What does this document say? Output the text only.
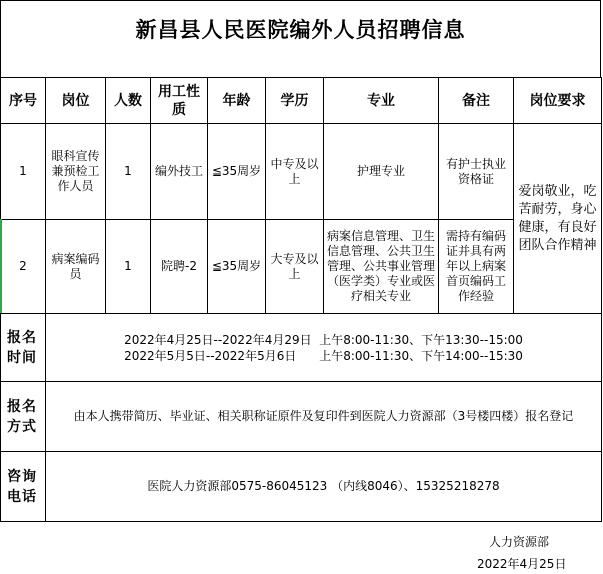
新昌县人民医院编外人员招聘信息
序号	岗位	人数	用工性质	年龄	学历	专业	备注	岗位要求
1	眼科宣传兼预检工作人员	1	编外技工	≦35周岁	中专及以上	护理专业	有护士执业资格证	爱岗敬业，吃苦耐劳，身心健康，有良好团队合作精神
2	病案编码员	1	院聘-2	≦35周岁	大专及以上	病案信息管理、卫生信息管理、公共卫生管理、公共事业管理（医学类）专业或医疗相关专业	需持有编码证并具有两年以上病案首页编码工作经验	
报名时间	2022年4月25日--2022年4月29日  上午8:00-11:30、下午13:30--15:00
2022年5月5日--2022年5月6日      上午8:00-11:30、下午14:00--15:30							

报名方式	由本人携带简历、毕业证、相关职称证原件及复印件到医院人力资源部（3号楼四楼）报名登记							
咨询电话	医院人力资源部0575-86045123 （内线8046）、15325218278							
人力资源部
2022年4月25日
